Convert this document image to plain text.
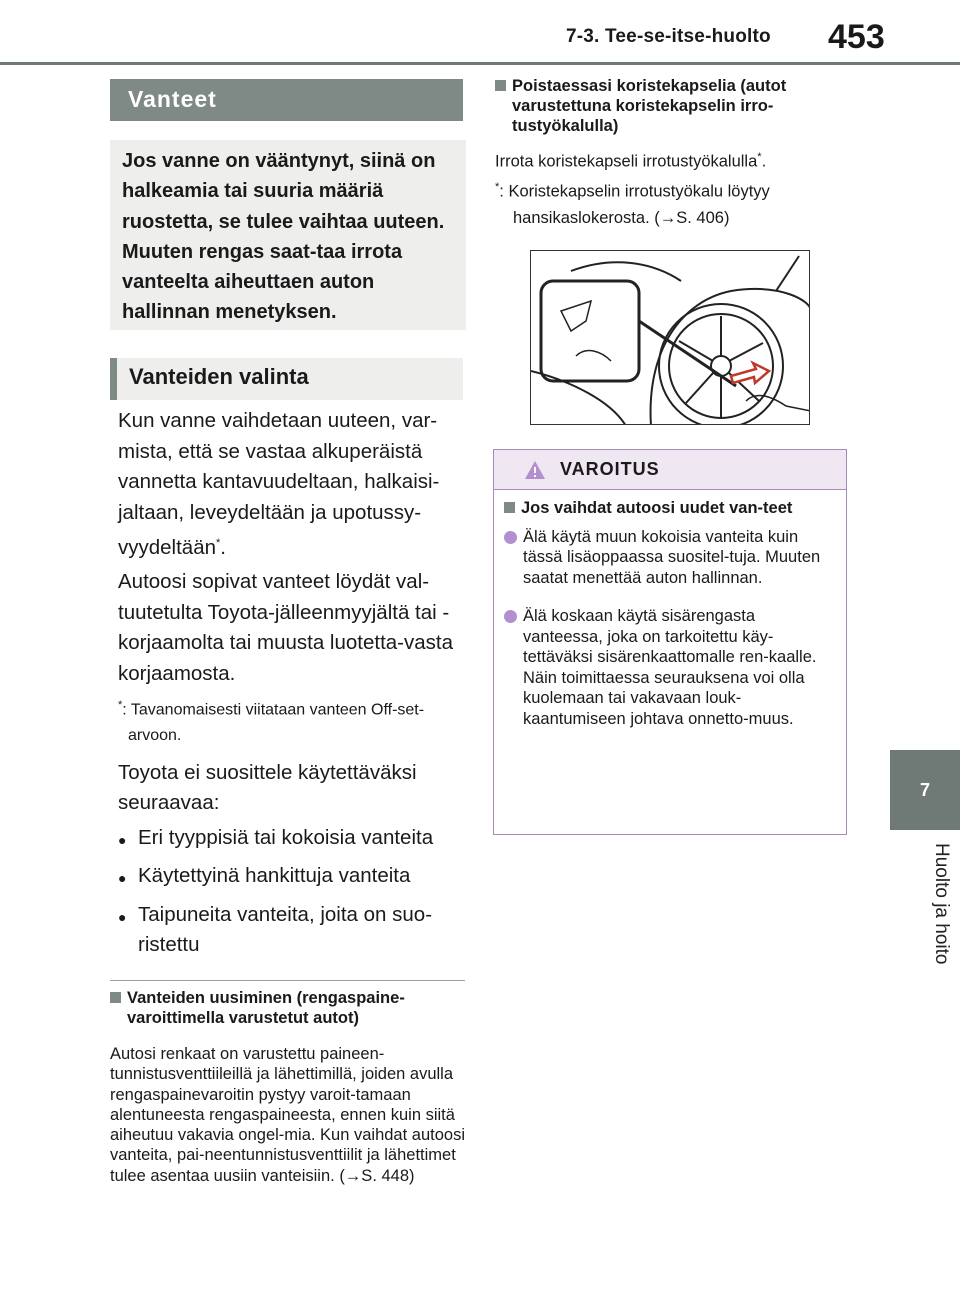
7-3. Tee-se-itse-huolto 453
7
Huolto ja hoito
Vanteet
Jos vanne on vääntynyt, siinä on halkeamia tai suuria määriä ruostetta, se tulee vaihtaa uuteen. Muuten rengas saat-taa irrota vanteelta aiheuttaen auton hallinnan menetyksen.
Vanteiden valinta

Kun vanne vaihdetaan uuteen, var-mista, että se vastaa alkuperäistä vannetta kantavuudeltaan, halkaisi-jaltaan, leveydeltään ja upotussy-vyydeltään*.

Autoosi sopivat vanteet löydät val-tuutetulta Toyota-jälleenmyyjältä tai -korjaamolta tai muusta luotetta-vasta korjaamosta.

*: Tavanomaisesti viitataan vanteen Off-set-arvoon.

Toyota ei suosittele käytettäväksi seuraavaa:

● Eri tyyppisiä tai kokoisia vanteita

● Käytettyinä hankittuja vanteita

● Taipuneita vanteita, joita on suo-ristettu

Vanteiden uusiminen (rengaspaine-varoittimella varustetut autot)
Autosi renkaat on varustettu paineen-tunnistusventtiileillä ja lähettimillä, joiden avulla rengaspainevaroitin pystyy varoit-tamaan alentuneesta rengaspaineesta, ennen kuin siitä aiheutuu vakavia ongel-mia. Kun vaihdat autoosi vanteita, pai-neentunnistusventtiilit ja lähettimet tulee asentaa uusiin vanteisiin. (→S. 448)
Poistaessasi koristekapselia (autot varustettuna koristekapselin irro-tustyökalulla)

Irrota koristekapseli irrotustyökalulla*.

*: Koristekapselin irrotustyökalu löytyy hansikaslokerosta. (→S. 406)

VAROITUS
Jos vaihdat autoosi uudet van-teet
Älä käytä muun kokoisia vanteita kuin tässä lisäoppaassa suositel-tuja. Muuten saatat menettää auton hallinnan.
Älä koskaan käytä sisärengasta vanteessa, joka on tarkoitettu käy-tettäväksi sisärenkaattomalle ren-kaalle.
Näin toimittaessa seurauksena voi olla kuolemaan tai vakavaan louk-kaantumiseen johtava onnetto-muus.
